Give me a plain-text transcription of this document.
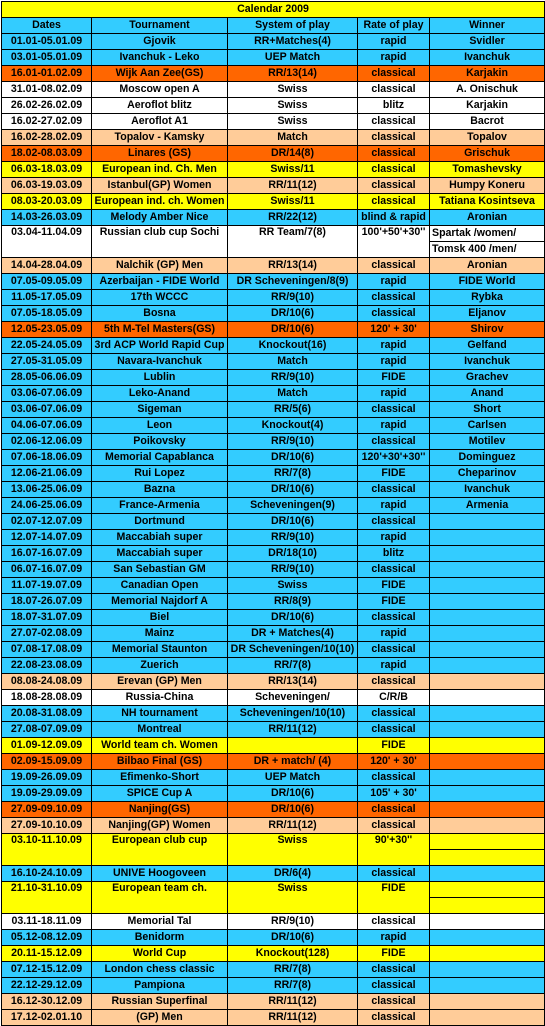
Calendar 2009				
Dates	Tournament	System of play	Rate of play	Winner
01.01-05.01.09	Gjovik	RR+Matches(4)	rapid	Svidler
03.01-05.01.09	Ivanchuk - Leko	UEP Match	rapid	Ivanchuk
16.01-01.02.09	Wijk Aan Zee(GS)	RR/13(14)	classical	Karjakin
31.01-08.02.09	Moscow open A	Swiss	classical	A. Onischuk
26.02-26.02.09	Aeroflot blitz	Swiss	blitz	Karjakin
16.02-27.02.09	Aeroflot A1	Swiss	classical	Bacrot
16.02-28.02.09	Topalov - Kamsky	Match	classical	Topalov
18.02-08.03.09	Linares (GS)	DR/14(8)	classical	Grischuk
06.03-18.03.09	European ind. Ch. Men	Swiss/11	classical	Tomashevsky
06.03-19.03.09	Istanbul(GP) Women	RR/11(12)	classical	Humpy Koneru
08.03-20.03.09	European ind. ch. Women	Swiss/11	classical	Tatiana Kosintseva
14.03-26.03.09	Melody Amber Nice	RR/22(12)	blind & rapid	Aronian
03.04-11.04.09	Russian club cup Sochi	RR Team/7(8)	100'+50'+30''	Spartak /women/
				Tomsk 400 /men/
14.04-28.04.09	Nalchik (GP) Men	RR/13(14)	classical	Aronian
07.05-09.05.09	Azerbaijan - FIDE World	DR Scheveningen/8(9)	rapid	FIDE World
11.05-17.05.09	17th WCCC	RR/9(10)	classical	Rybka
07.05-18.05.09	Bosna	DR/10(6)	classical	Eljanov
12.05-23.05.09	5th M-Tel Masters(GS)	DR/10(6)	120' + 30'	Shirov
22.05-24.05.09	3rd ACP World Rapid Cup	Knockout(16)	rapid	Gelfand
27.05-31.05.09	Navara-Ivanchuk	Match	rapid	Ivanchuk
28.05-06.06.09	Lublin	RR/9(10)	FIDE	Grachev
03.06-07.06.09	Leko-Anand	Match	rapid	Anand
03.06-07.06.09	Sigeman	RR/5(6)	classical	Short
04.06-07.06.09	Leon	Knockout(4)	rapid	Carlsen
02.06-12.06.09	Poikovsky	RR/9(10)	classical	Motilev
07.06-18.06.09	Memorial Capablanca	DR/10(6)	120'+30'+30''	Dominguez
12.06-21.06.09	Rui Lopez	RR/7(8)	FIDE	Cheparinov
13.06-25.06.09	Bazna	DR/10(6)	classical	Ivanchuk
24.06-25.06.09	France-Armenia	Scheveningen(9)	rapid	Armenia
02.07-12.07.09	Dortmund	DR/10(6)	classical	
12.07-14.07.09	Maccabiah super	RR/9(10)	rapid	
16.07-16.07.09	Maccabiah super	DR/18(10)	blitz	
06.07-16.07.09	San Sebastian GM	RR/9(10)	classical	
11.07-19.07.09	Canadian Open	Swiss	FIDE	
18.07-26.07.09	Memorial Najdorf A	RR/8(9)	FIDE	
18.07-31.07.09	Biel	DR/10(6)	classical	
27.07-02.08.09	Mainz	DR + Matches(4)	rapid	
07.08-17.08.09	Memorial Staunton	DR Scheveningen/10(10)	classical	
22.08-23.08.09	Zuerich	RR/7(8)	rapid	
08.08-24.08.09	Erevan (GP) Men	RR/13(14)	classical	
18.08-28.08.09	Russia-China	Scheveningen/	C/R/B	
20.08-31.08.09	NH tournament	Scheveningen/10(10)	classical	
27.08-07.09.09	Montreal	RR/11(12)	classical	
01.09-12.09.09	World team ch. Women		FIDE	
02.09-15.09.09	Bilbao Final (GS)	DR + match/ (4)	120' + 30'	
19.09-26.09.09	Efimenko-Short	UEP Match	classical	
19.09-29.09.09	SPICE Cup A	DR/10(6)	105' + 30'	
27.09-09.10.09	Nanjing(GS)	DR/10(6)	classical	
27.09-10.10.09	Nanjing(GP) Women	RR/11(12)	classical	
03.10-11.10.09	European club cup	Swiss	90'+30''	

16.10-24.10.09	UNIVE Hoogoveen	DR/6(4)	classical	
21.10-31.10.09	European team ch.	Swiss	FIDE	

03.11-18.11.09	Memorial Tal	RR/9(10)	classical	
05.12-08.12.09	Benidorm	DR/10(6)	rapid	
20.11-15.12.09	World Cup	Knockout(128)	FIDE	
07.12-15.12.09	London chess classic	RR/7(8)	classical	
22.12-29.12.09	Pampiona	RR/7(8)	classical	
16.12-30.12.09	Russian Superfinal	RR/11(12)	classical	
17.12-02.01.10	(GP) Men	RR/11(12)	classical	
